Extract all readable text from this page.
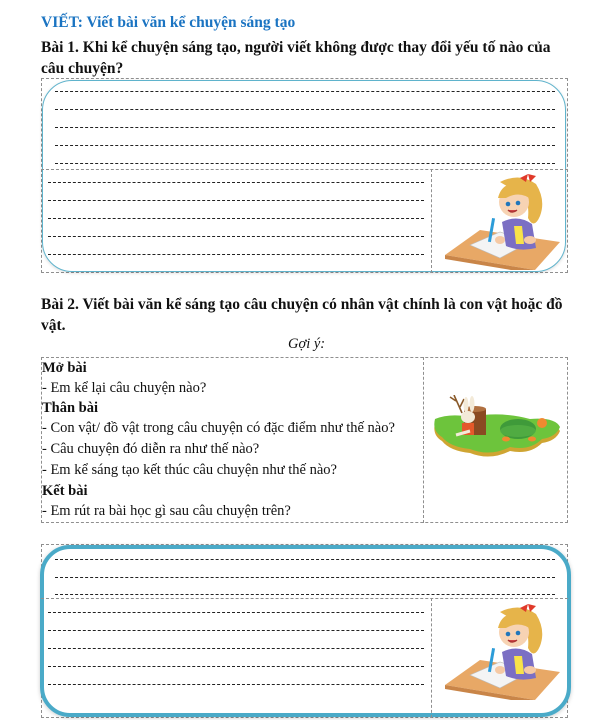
VIẾT: Viết bài văn kể chuyện sáng tạo
Bài 1. Khi kể chuyện sáng tạo, người viết không được thay đổi yếu tố nào của
câu chuyện?
Bài 2. Viết bài văn kể sáng tạo câu chuyện có nhân vật chính là con vật hoặc đồ
vật.
Gợi ý:
Mở bài
- Em kể lại câu chuyện nào?
Thân bài
- Con vật/ đồ vật trong câu chuyện có đặc điểm như thế nào?
- Câu chuyện đó diễn ra như thế nào?
- Em kể sáng tạo kết thúc câu chuyện như thế nào?
Kết bài
- Em rút ra bài học gì sau câu chuyện trên?
